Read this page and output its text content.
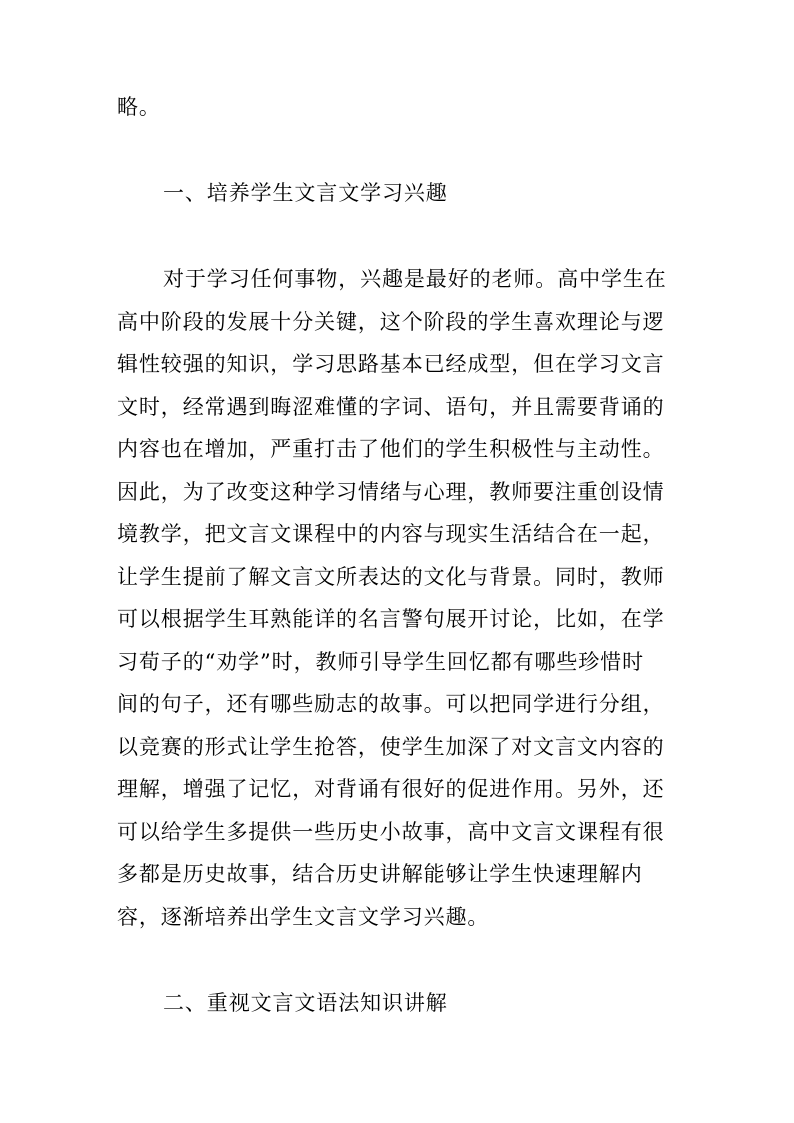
略。
一、培养学生文言文学习兴趣
对于学习任何事物，兴趣是最好的老师。高中学生在
高中阶段的发展十分关键，这个阶段的学生喜欢理论与逻
辑性较强的知识，学习思路基本已经成型，但在学习文言
文时，经常遇到晦涩难懂的字词、语句，并且需要背诵的
内容也在增加，严重打击了他们的学生积极性与主动性。
因此，为了改变这种学习情绪与心理，教师要注重创设情
境教学，把文言文课程中的内容与现实生活结合在一起，
让学生提前了解文言文所表达的文化与背景。同时，教师
可以根据学生耳熟能详的名言警句展开讨论，比如，在学
习荀子的“劝学”时，教师引导学生回忆都有哪些珍惜时
间的句子，还有哪些励志的故事。可以把同学进行分组，
以竞赛的形式让学生抢答，使学生加深了对文言文内容的
理解，增强了记忆，对背诵有很好的促进作用。另外，还
可以给学生多提供一些历史小故事，高中文言文课程有很
多都是历史故事，结合历史讲解能够让学生快速理解内
容，逐渐培养出学生文言文学习兴趣。
二、重视文言文语法知识讲解
